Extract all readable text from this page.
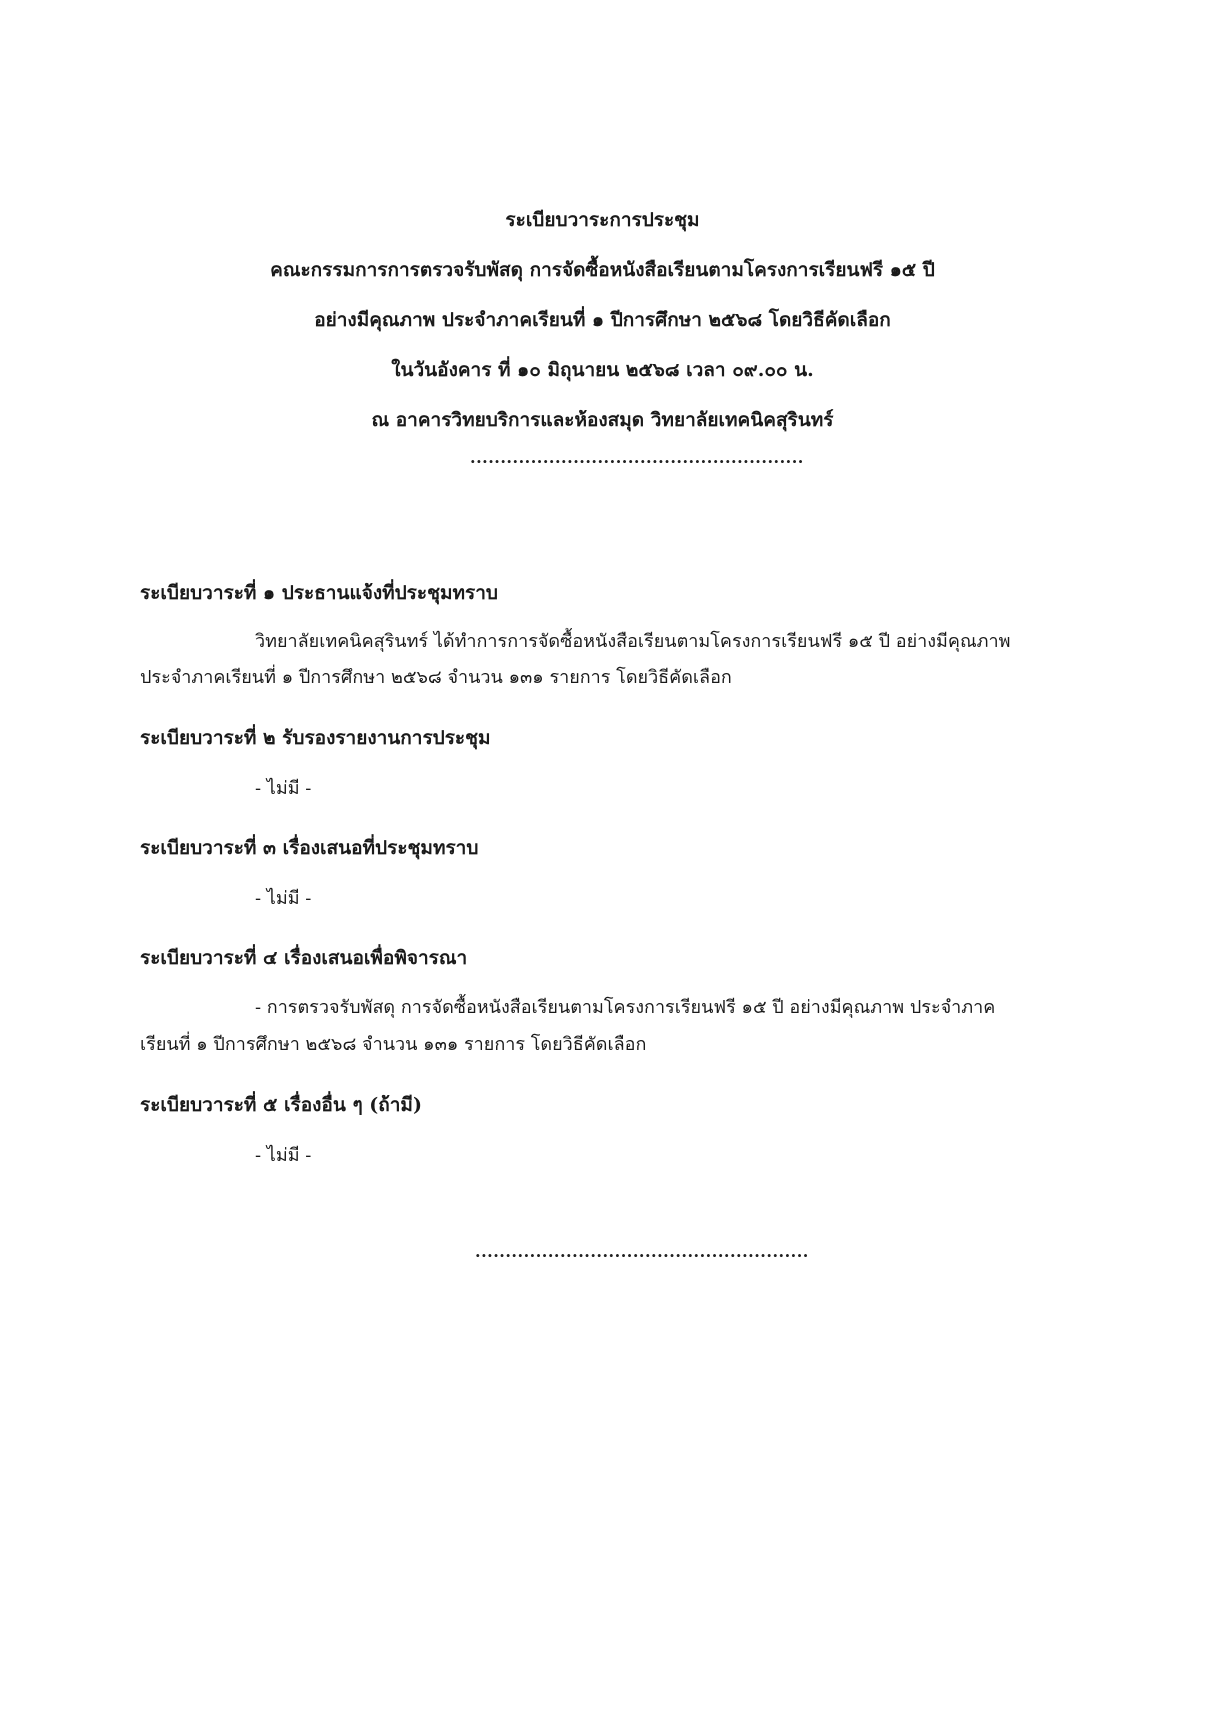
ระเบียบวาระการประชุม
คณะกรรมการการตรวจรับพัสดุ การจัดซื้อหนังสือเรียนตามโครงการเรียนฟรี ๑๕ ปี
อย่างมีคุณภาพ ประจำภาคเรียนที่ ๑ ปีการศึกษา ๒๕๖๘ โดยวิธีคัดเลือก
ในวันอังคาร ที่ ๑๐ มิถุนายน ๒๕๖๘ เวลา ๐๙.๐๐ น.
ณ อาคารวิทยบริการและห้องสมุด วิทยาลัยเทคนิคสุรินทร์
.......................................................
ระเบียบวาระที่ ๑ ประธานแจ้งที่ประชุมทราบ
วิทยาลัยเทคนิคสุรินทร์ ได้ทำการการจัดซื้อหนังสือเรียนตามโครงการเรียนฟรี ๑๕ ปี อย่างมีคุณภาพ
ประจำภาคเรียนที่ ๑ ปีการศึกษา ๒๕๖๘ จำนวน ๑๓๑ รายการ โดยวิธีคัดเลือก
ระเบียบวาระที่ ๒ รับรองรายงานการประชุม
- ไม่มี -
ระเบียบวาระที่ ๓ เรื่องเสนอที่ประชุมทราบ
- ไม่มี -
ระเบียบวาระที่ ๔ เรื่องเสนอเพื่อพิจารณา
- การตรวจรับพัสดุ การจัดซื้อหนังสือเรียนตามโครงการเรียนฟรี ๑๕ ปี อย่างมีคุณภาพ ประจำภาค
เรียนที่ ๑ ปีการศึกษา ๒๕๖๘ จำนวน ๑๓๑ รายการ โดยวิธีคัดเลือก
ระเบียบวาระที่ ๕ เรื่องอื่น ๆ (ถ้ามี)
- ไม่มี -
.......................................................
